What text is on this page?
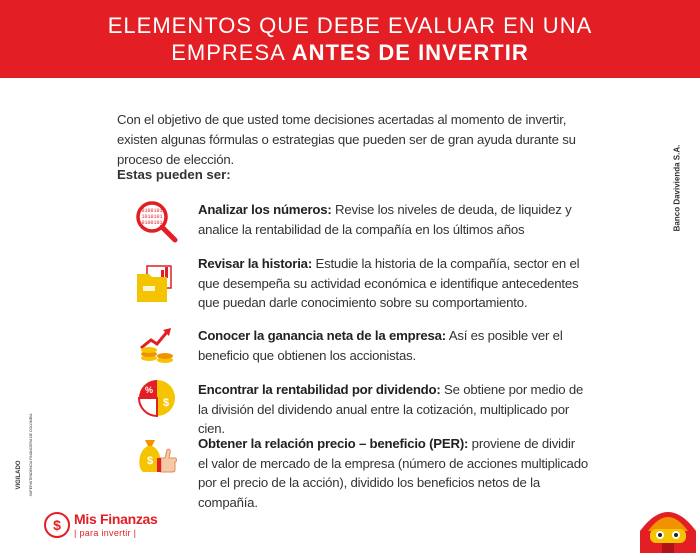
ELEMENTOS QUE DEBE EVALUAR EN UNA
EMPRESA ANTES DE INVERTIR
Con el objetivo de que usted tome decisiones acertadas al momento de invertir, existen algunas fórmulas o estrategias que pueden ser de gran ayuda durante su proceso de elección.
Estas pueden ser:
0100101
1010101
0100101
Analizar los números: Revise los niveles de deuda, de liquidez y analice la rentabilidad de la compañía en los últimos años
Revisar la historia: Estudie la historia de la compañía, sector en el que desempeña su actividad económica e identifique antecedentes que puedan darle conocimiento sobre su comportamiento.
Conocer la ganancia neta de la empresa: Así es posible ver el beneficio que obtienen los accionistas.
%
$
Encontrar la rentabilidad por dividendo: Se obtiene por medio de la división del dividendo anual entre la cotización, multiplicado por cien.
$
Obtener la relación precio – beneficio (PER): proviene de dividir el valor de mercado de la empresa (número de acciones multiplicado por el precio de la acción), dividido los beneficios netos de la compañía.
Banco Davivienda S.A.
VIGILADO SUPERINTENDENCIA FINANCIERA DE COLOMBIA
$ Mis Finanzas
| para invertir |
